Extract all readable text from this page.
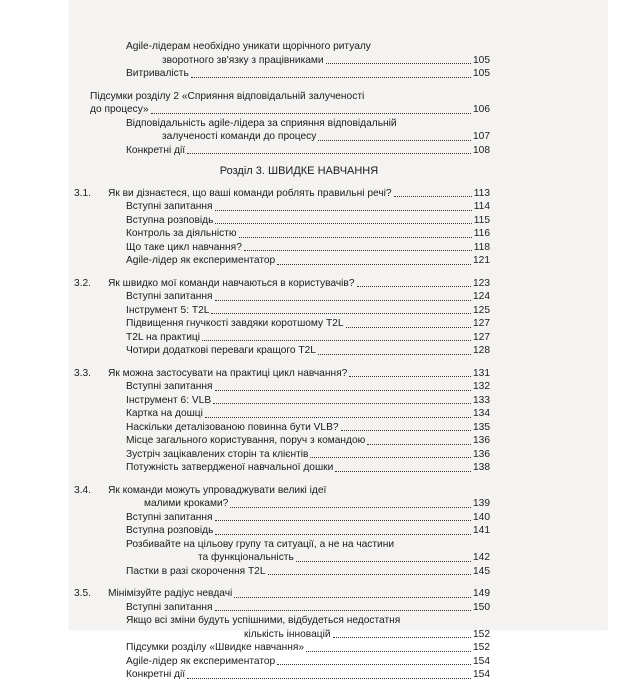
Agile-лідерам необхідно уникати щорічного ритуалу
зворотного зв'язку з працівниками	105
Витривалість	105
Підсумки розділу 2 «Сприяння відповідальній залученості
до процесу»	106
Відповідальність agile-лідера за сприяння відповідальній
залученості команди до процесу	107
Конкретні дії	108
Розділ 3. ШВИДКЕ НАВЧАННЯ
3.1.	Як ви дізнаєтеся, що ваші команди роблять правильні речі?	113
Вступні запитання	114
Вступна розповідь	115
Контроль за діяльністю	116
Що таке цикл навчання?	118
Agile-лідер як експериментатор	121
3.2.	Як швидко мої команди навчаються в користувачів?	123
Вступні запитання	124
Інструмент 5: T2L	125
Підвищення гнучкості завдяки коротшому T2L	127
T2L на практиці	127
Чотири додаткові переваги кращого T2L	128
3.3.	Як можна застосувати на практиці цикл навчання?	131
Вступні запитання	132
Інструмент 6: VLB	133
Картка на дошці	134
Наскільки деталізованою повинна бути VLB?	135
Місце загального користування, поруч з командою	136
Зустріч зацікавлених сторін та клієнтів	136
Потужність затвердженої навчальної дошки	138
3.4.	Як команди можуть упроваджувати великі ідеї
малими кроками?	139
Вступні запитання	140
Вступна розповідь	141
Розбивайте на цільову групу та ситуації, а не на частини
та функціональність	142
Пастки в разі скорочення T2L	145
3.5.	Мінімізуйте радіус невдачі	149
Вступні запитання	150
Якщо всі зміни будуть успішними, відбудеться недостатня
кількість інновацій	152
Підсумки розділу «Швидке навчання»	152
Agile-лідер як експериментатор	154
Конкретні дії	154
